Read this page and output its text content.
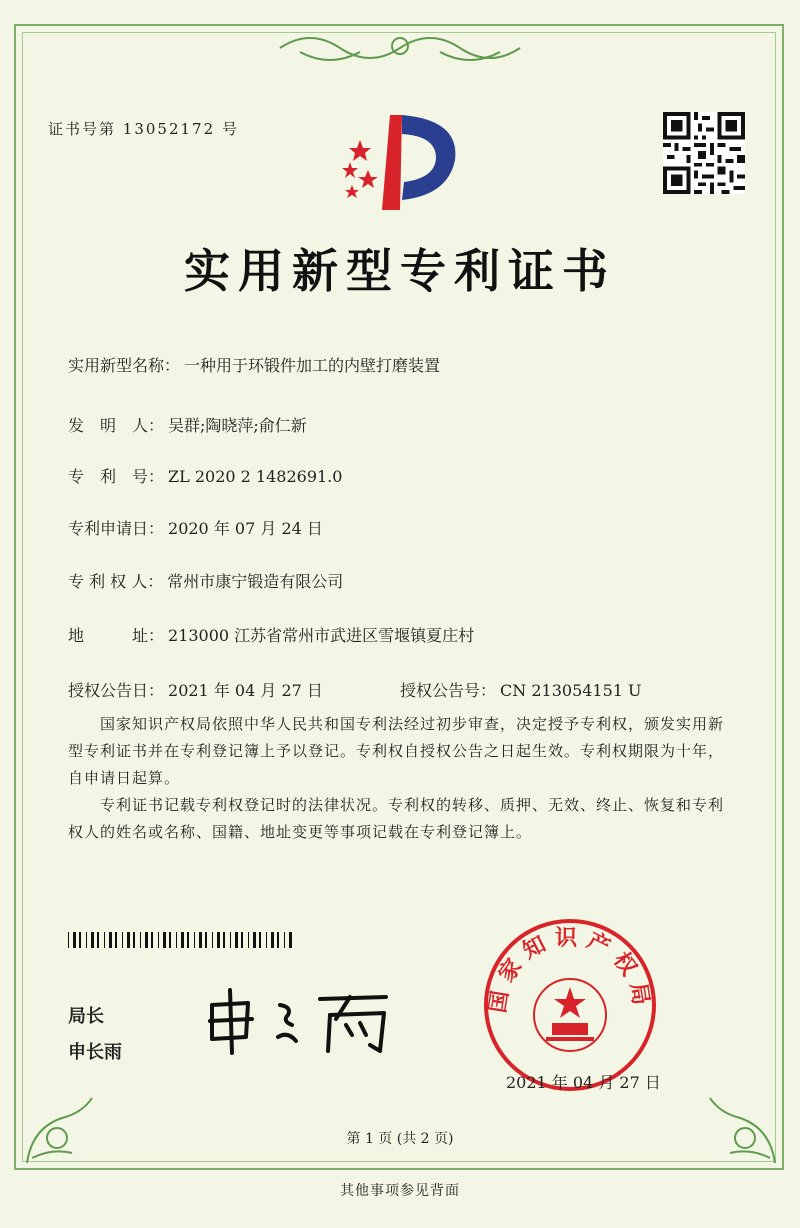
证书号第 13052172 号
实用新型专利证书
实用新型名称： 一种用于环锻件加工的内壁打磨装置
发　明　人： 吴群;陶晓萍;俞仁新
专　利　号： ZL 2020 2 1482691.0
专利申请日： 2020 年 07 月 24 日
专 利 权 人： 常州市康宁锻造有限公司
地　　　址： 213000 江苏省常州市武进区雪堰镇夏庄村
授权公告日： 2021 年 04 月 27 日	授权公告号： CN 213054151 U
国家知识产权局依照中华人民共和国专利法经过初步审查，决定授予专利权，颁发实用新型专利证书并在专利登记簿上予以登记。专利权自授权公告之日起生效。专利权期限为十年，自申请日起算。
专利证书记载专利权登记时的法律状况。专利权的转移、质押、无效、终止、恢复和专利权人的姓名或名称、国籍、地址变更等事项记载在专利登记簿上。
局长
申长雨
国家知识产权局
2021 年 04 月 27 日
第 1 页 (共 2 页)
其他事项参见背面
